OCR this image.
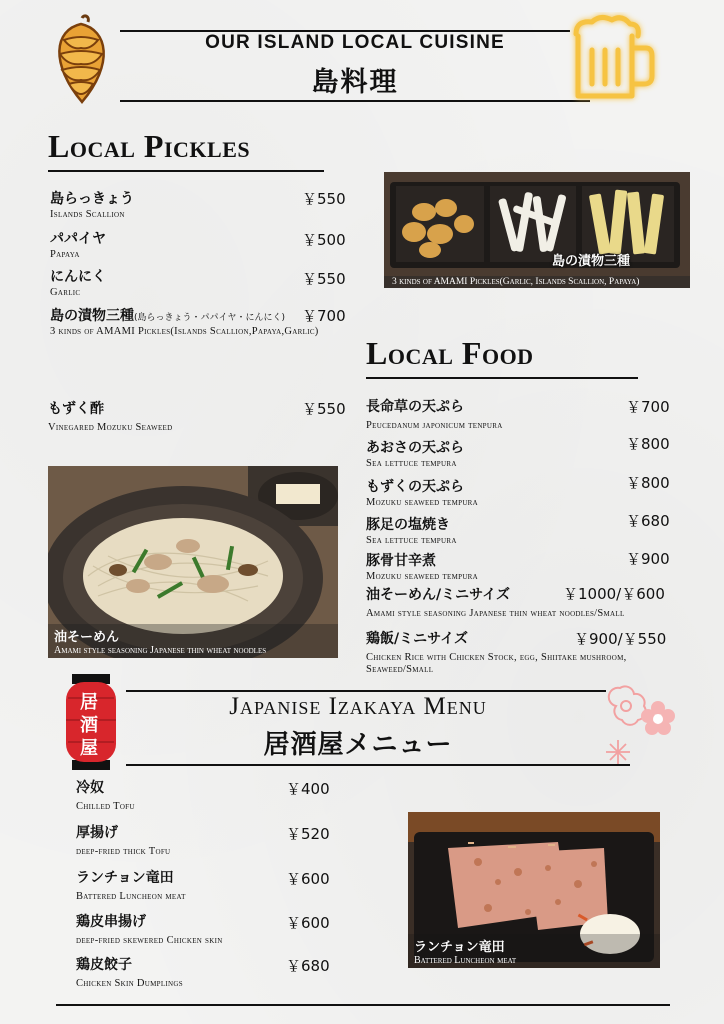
OUR ISLAND LOCAL CUISINE
島料理
Local Pickles
島らっきょう
Islands Scallion
￥550
パパイヤ
Papaya
￥500
にんにく
Garlic
￥550
島の漬物三種(島らっきょう・パパイヤ・にんにく)
3 kinds of AMAMI Pickles(Islands Scallion,Papaya,Garlic)
￥700
島の漬物三種
3 kinds of AMAMI Pickles(Garlic, Islands Scallion, Papaya)
Local Food
もずく酢
Vinegared Mozuku Seaweed
￥550
油そーめん
Amami style seasoning Japanese thin wheat noodles
長命草の天ぷら
Peucedanum japonicum tenpura
￥700
あおさの天ぷら
Sea lettuce tempura
￥800
もずくの天ぷら
Mozuku seaweed tempura
￥800
豚足の塩焼き
Sea lettuce tempura
￥680
豚骨甘辛煮
Mozuku seaweed tempura
￥900
油そーめん/ミニサイズ
Amami style seasoning Japanese thin wheat noodles/Small
￥1000/￥600
鶏飯/ミニサイズ
Chicken Rice with Chicken Stock, egg, Shiitake mushroom,
Seaweed/Small
￥900/￥550
居
酒
屋
Japanise Izakaya Menu
居酒屋メニュー
冷奴
Chilled Tofu
￥400
厚揚げ
deep-fried thick Tofu
￥520
ランチョン竜田
Battered Luncheon meat
￥600
鶏皮串揚げ
deep-fried skewered Chicken skin
￥600
鶏皮餃子
Chicken Skin Dumplings
￥680
ランチョン竜田
Battered Luncheon meat
